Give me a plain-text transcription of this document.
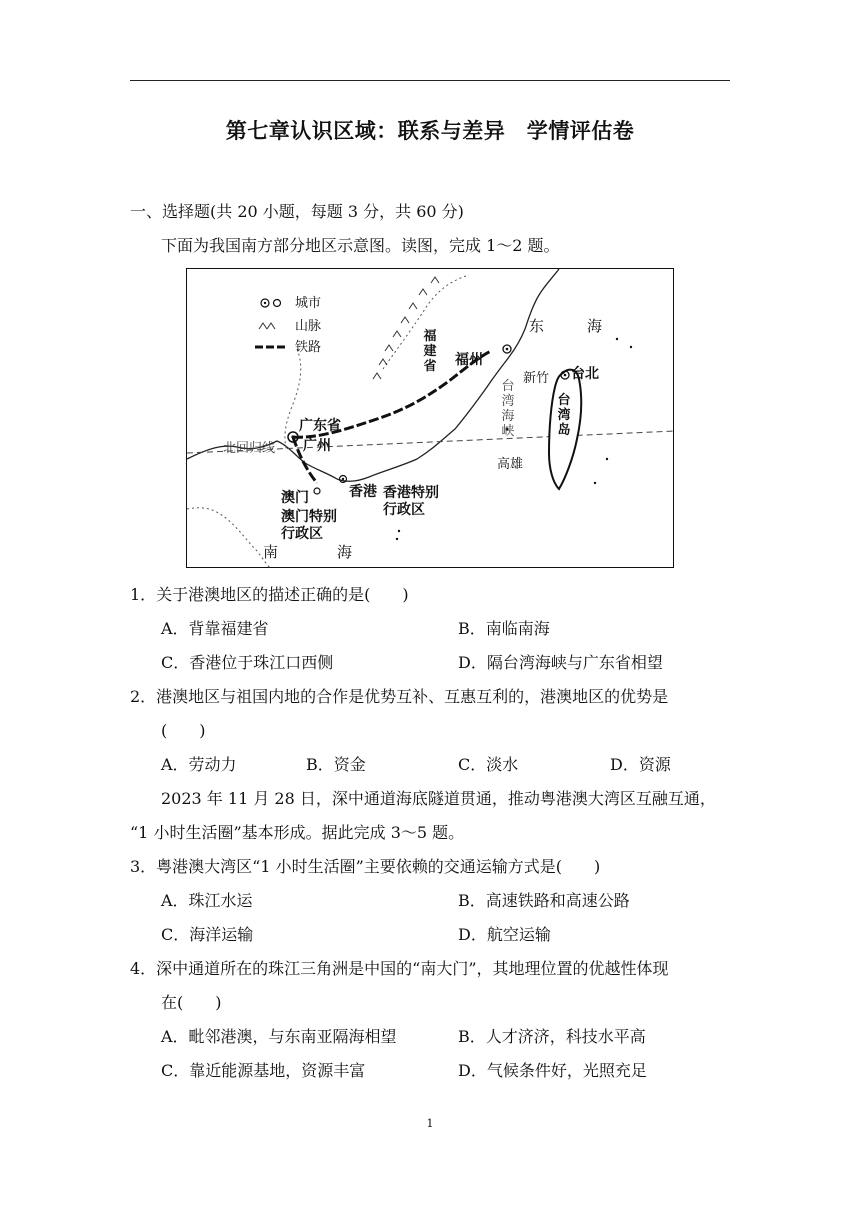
第七章认识区域：联系与差异　学情评估卷
一、选择题(共 20 小题，每题 3 分，共 60 分)
下面为我国南方部分地区示意图。读图，完成 1～2 题。
城市
山脉
铁路
福建省 福州
东	海
新竹 台北
台湾海峡
台湾岛
广东省
广州
北回归线
高雄
澳门	香港 香港特别行政区
澳门特别行政区
南	海
1．关于港澳地区的描述正确的是(　　)
A．背靠福建省	B．南临南海
C．香港位于珠江口西侧	D．隔台湾海峡与广东省相望
2．港澳地区与祖国内地的合作是优势互补、互惠互利的，港澳地区的优势是
(　　)
A．劳动力	B．资金	C．淡水	D．资源
2023 年 11 月 28 日，深中通道海底隧道贯通，推动粤港澳大湾区互融互通，
“1 小时生活圈”基本形成。据此完成 3～5 题。
3．粤港澳大湾区“1 小时生活圈”主要依赖的交通运输方式是(　　)
A．珠江水运	B．高速铁路和高速公路
C．海洋运输	D．航空运输
4．深中通道所在的珠江三角洲是中国的“南大门”，其地理位置的优越性体现
在(　　)
A．毗邻港澳，与东南亚隔海相望	B．人才济济，科技水平高
C．靠近能源基地，资源丰富	D．气候条件好，光照充足
1
